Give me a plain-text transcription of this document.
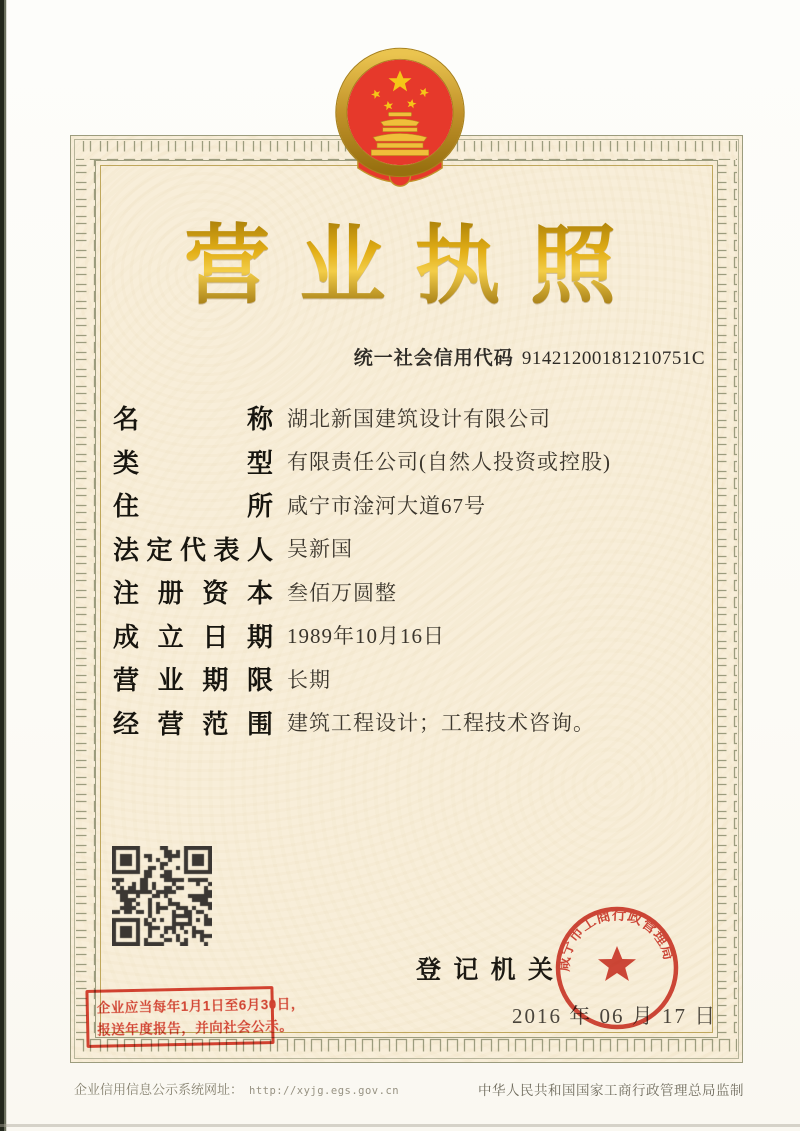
营 业 执 照
统一社会信用代码 91421200181210751C
名	称 湖北新国建筑设计有限公司
类	型 有限责任公司(自然人投资或控股)
住	所 咸宁市淦河大道67号
法 定 代 表 人 吴新国
注 册 资 本 叁佰万圆整
成 立 日 期 1989年10月16日
营 业 期 限 长期
经 营 范 围 建筑工程设计；工程技术咨询。
登 记 机 关
2016 年 06 月 17 日
咸宁市工商行政管理局
企业应当每年1月1日至6月30日，
报送年度报告，并向社会公示。
企业信用信息公示系统网址： http://xyjg.egs.gov.cn	中华人民共和国国家工商行政管理总局监制
